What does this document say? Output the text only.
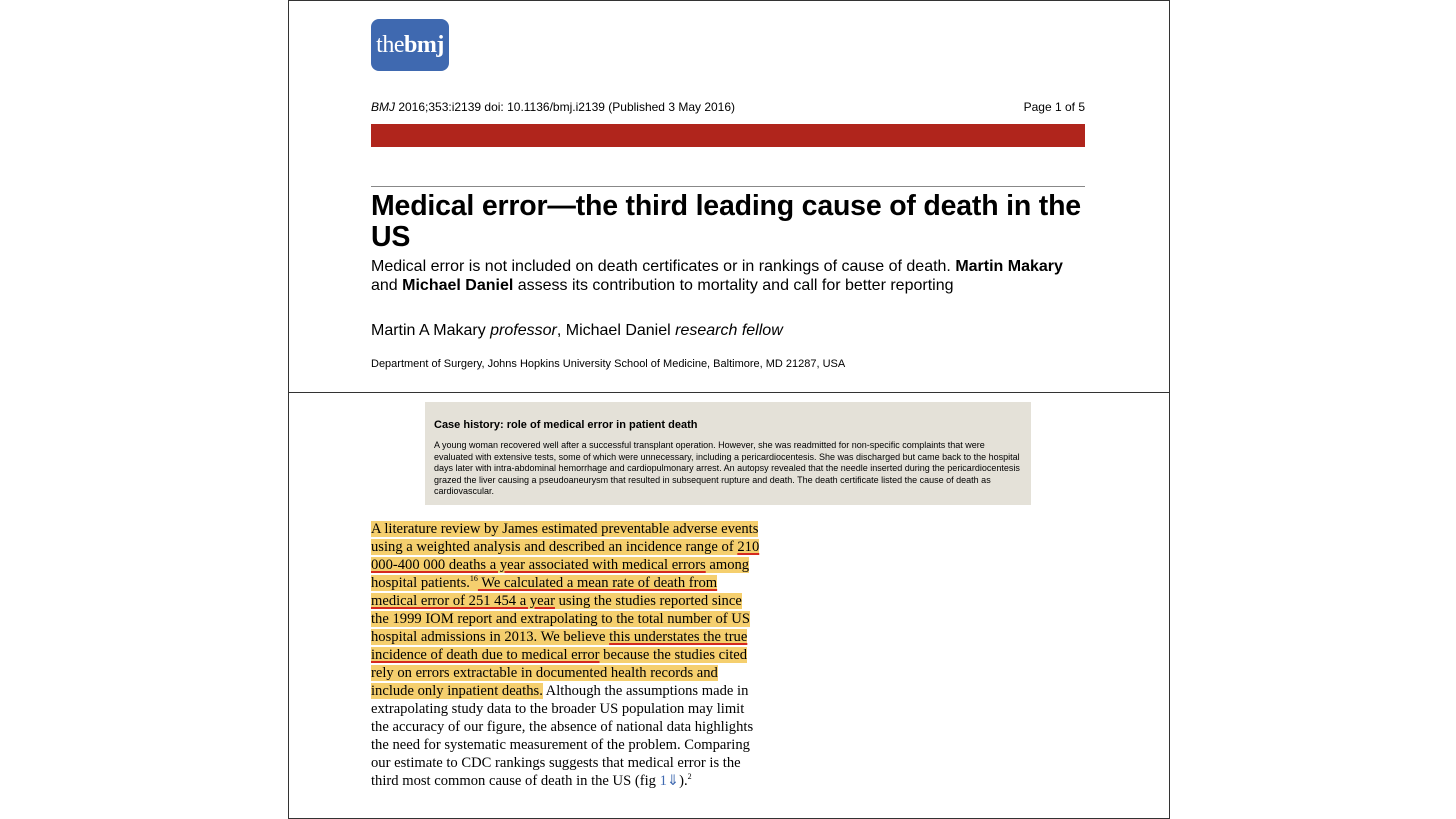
the bmj
BMJ 2016;353:i2139 doi: 10.1136/bmj.i2139 (Published 3 May 2016)	Page 1 of 5
Medical error—the third leading cause of death in the US
Medical error is not included on death certificates or in rankings of cause of death. Martin Makary and Michael Daniel assess its contribution to mortality and call for better reporting
Martin A Makary professor, Michael Daniel research fellow
Department of Surgery, Johns Hopkins University School of Medicine, Baltimore, MD 21287, USA
Case history: role of medical error in patient death
A young woman recovered well after a successful transplant operation. However, she was readmitted for non-specific complaints that were evaluated with extensive tests, some of which were unnecessary, including a pericardiocentesis. She was discharged but came back to the hospital days later with intra-abdominal hemorrhage and cardiopulmonary arrest. An autopsy revealed that the needle inserted during the pericardiocentesis grazed the liver causing a pseudoaneurysm that resulted in subsequent rupture and death. The death certificate listed the cause of death as cardiovascular.
A literature review by James estimated preventable adverse events using a weighted analysis and described an incidence range of 210 000-400 000 deaths a year associated with medical errors among hospital patients.$^{16}$ We calculated a mean rate of death from medical error of 251 454 a year using the studies reported since the 1999 IOM report and extrapolating to the total number of US hospital admissions in 2013. We believe this understates the true incidence of death due to medical error because the studies cited rely on errors extractable in documented health records and include only inpatient deaths. Although the assumptions made in extrapolating study data to the broader US population may limit the accuracy of our figure, the absence of national data highlights the need for systematic measurement of the problem. Comparing our estimate to CDC rankings suggests that medical error is the third most common cause of death in the US (fig 1⇓).$^2$
